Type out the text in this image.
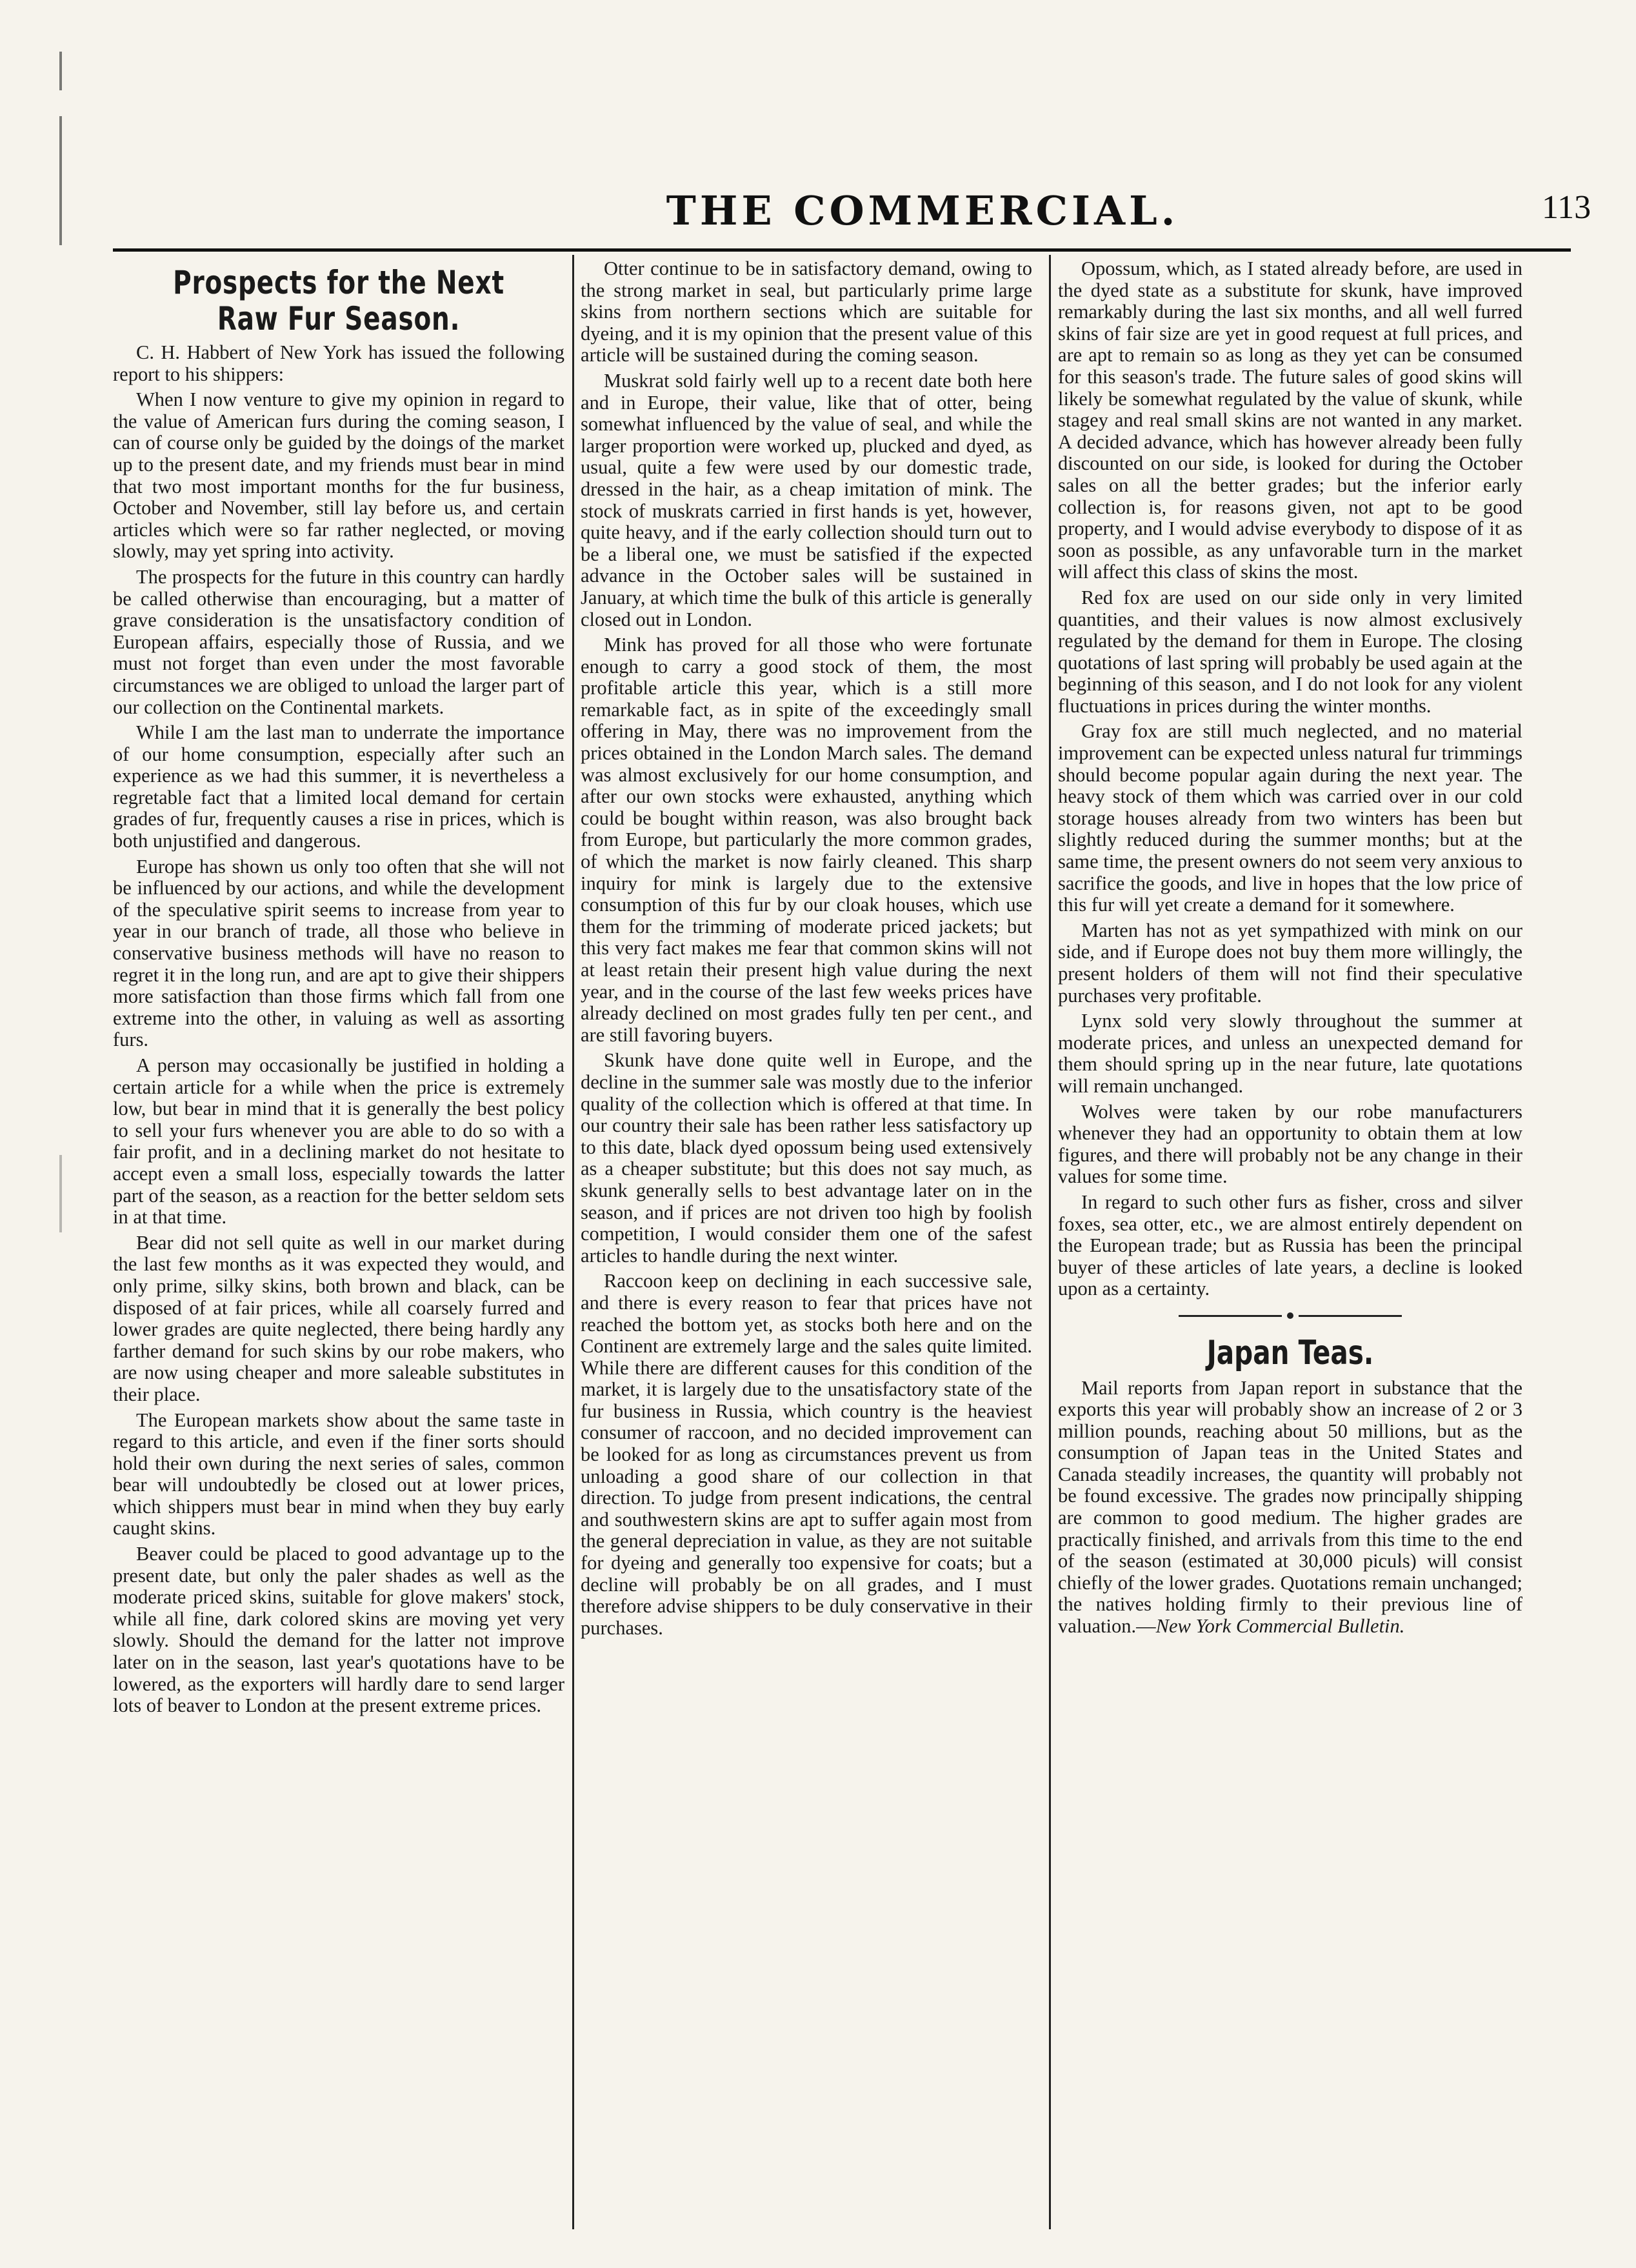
THE COMMERCIAL.	113
Prospects for the Next Raw Fur Season.

C. H. Habbert of New York has issued the following report to his shippers:

When I now venture to give my opinion in regard to the value of American furs during the coming season, I can of course only be guided by the doings of the market up to the present date, and my friends must bear in mind that two most important months for the fur business, October and November, still lay before us, and certain articles which were so far rather neglected, or moving slowly, may yet spring into activity.

The prospects for the future in this country can hardly be called otherwise than encouraging, but a matter of grave consideration is the unsatisfactory condition of European affairs, especially those of Russia, and we must not forget than even under the most favorable circumstances we are obliged to unload the larger part of our collection on the Continental markets.

While I am the last man to underrate the importance of our home consumption, especially after such an experience as we had this summer, it is nevertheless a regretable fact that a limited local demand for certain grades of fur, frequently causes a rise in prices, which is both unjustified and dangerous.

Europe has shown us only too often that she will not be influenced by our actions, and while the development of the speculative spirit seems to increase from year to year in our branch of trade, all those who believe in conservative business methods will have no reason to regret it in the long run, and are apt to give their shippers more satisfaction than those firms which fall from one extreme into the other, in valuing as well as assorting furs.

A person may occasionally be justified in holding a certain article for a while when the price is extremely low, but bear in mind that it is generally the best policy to sell your furs whenever you are able to do so with a fair profit, and in a declining market do not hesitate to accept even a small loss, especially towards the latter part of the season, as a reaction for the better seldom sets in at that time.

Bear did not sell quite as well in our market during the last few months as it was expected they would, and only prime, silky skins, both brown and black, can be disposed of at fair prices, while all coarsely furred and lower grades are quite neglected, there being hardly any farther demand for such skins by our robe makers, who are now using cheaper and more saleable substitutes in their place.

The European markets show about the same taste in regard to this article, and even if the finer sorts should hold their own during the next series of sales, common bear will undoubtedly be closed out at lower prices, which shippers must bear in mind when they buy early caught skins.

Beaver could be placed to good advantage up to the present date, but only the paler shades as well as the moderate priced skins, suitable for glove makers' stock, while all fine, dark colored skins are moving yet very slowly. Should the demand for the latter not improve later on in the season, last year's quotations have to be lowered, as the exporters will hardly dare to send larger lots of beaver to London at the present extreme prices.

Otter continue to be in satisfactory demand, owing to the strong market in seal, but particularly prime large skins from northern sections which are suitable for dyeing, and it is my opinion that the present value of this article will be sustained during the coming season.

Muskrat sold fairly well up to a recent date both here and in Europe, their value, like that of otter, being somewhat influenced by the value of seal, and while the larger proportion were worked up, plucked and dyed, as usual, quite a few were used by our domestic trade, dressed in the hair, as a cheap imitation of mink. The stock of muskrats carried in first hands is yet, however, quite heavy, and if the early collection should turn out to be a liberal one, we must be satisfied if the expected advance in the October sales will be sustained in January, at which time the bulk of this article is generally closed out in London.

Mink has proved for all those who were fortunate enough to carry a good stock of them, the most profitable article this year, which is a still more remarkable fact, as in spite of the exceedingly small offering in May, there was no improvement from the prices obtained in the London March sales. The demand was almost exclusively for our home consumption, and after our own stocks were exhausted, anything which could be bought within reason, was also brought back from Europe, but particularly the more common grades, of which the market is now fairly cleaned. This sharp inquiry for mink is largely due to the extensive consumption of this fur by our cloak houses, which use them for the trimming of moderate priced jackets; but this very fact makes me fear that common skins will not at least retain their present high value during the next year, and in the course of the last few weeks prices have already declined on most grades fully ten per cent., and are still favoring buyers.

Skunk have done quite well in Europe, and the decline in the summer sale was mostly due to the inferior quality of the collection which is offered at that time. In our country their sale has been rather less satisfactory up to this date, black dyed opossum being used extensively as a cheaper substitute; but this does not say much, as skunk generally sells to best advantage later on in the season, and if prices are not driven too high by foolish competition, I would consider them one of the safest articles to handle during the next winter.

Raccoon keep on declining in each successive sale, and there is every reason to fear that prices have not reached the bottom yet, as stocks both here and on the Continent are extremely large and the sales quite limited. While there are different causes for this condition of the market, it is largely due to the unsatisfactory state of the fur business in Russia, which country is the heaviest consumer of raccoon, and no decided improvement can be looked for as long as circumstances prevent us from unloading a good share of our collection in that direction. To judge from present indications, the central and southwestern skins are apt to suffer again most from the general depreciation in value, as they are not suitable for dyeing and generally too expensive for coats; but a decline will probably be on all grades, and I must therefore advise shippers to be duly conservative in their purchases.

Opossum, which, as I stated already before, are used in the dyed state as a substitute for skunk, have improved remarkably during the last six months, and all well furred skins of fair size are yet in good request at full prices, and are apt to remain so as long as they yet can be consumed for this season's trade. The future sales of good skins will likely be somewhat regulated by the value of skunk, while stagey and real small skins are not wanted in any market. A decided advance, which has however already been fully discounted on our side, is looked for during the October sales on all the better grades; but the inferior early collection is, for reasons given, not apt to be good property, and I would advise everybody to dispose of it as soon as possible, as any unfavorable turn in the market will affect this class of skins the most.

Red fox are used on our side only in very limited quantities, and their values is now almost exclusively regulated by the demand for them in Europe. The closing quotations of last spring will probably be used again at the beginning of this season, and I do not look for any violent fluctuations in prices during the winter months.

Gray fox are still much neglected, and no material improvement can be expected unless natural fur trimmings should become popular again during the next year. The heavy stock of them which was carried over in our cold storage houses already from two winters has been but slightly reduced during the summer months; but at the same time, the present owners do not seem very anxious to sacrifice the goods, and live in hopes that the low price of this fur will yet create a demand for it somewhere.

Marten has not as yet sympathized with mink on our side, and if Europe does not buy them more willingly, the present holders of them will not find their speculative purchases very profitable.

Lynx sold very slowly throughout the summer at moderate prices, and unless an unexpected demand for them should spring up in the near future, late quotations will remain unchanged.

Wolves were taken by our robe manufacturers whenever they had an opportunity to obtain them at low figures, and there will probably not be any change in their values for some time.

In regard to such other furs as fisher, cross and silver foxes, sea otter, etc., we are almost entirely dependent on the European trade; but as Russia has been the principal buyer of these articles of late years, a decline is looked upon as a certainty.

Japan Teas.

Mail reports from Japan report in substance that the exports this year will probably show an increase of 2 or 3 million pounds, reaching about 50 millions, but as the consumption of Japan teas in the United States and Canada steadily increases, the quantity will probably not be found excessive. The grades now principally shipping are common to good medium. The higher grades are practically finished, and arrivals from this time to the end of the season (estimated at 30,000 piculs) will consist chiefly of the lower grades. Quotations remain unchanged; the natives holding firmly to their previous line of valuation.—New York Commercial Bulletin.
